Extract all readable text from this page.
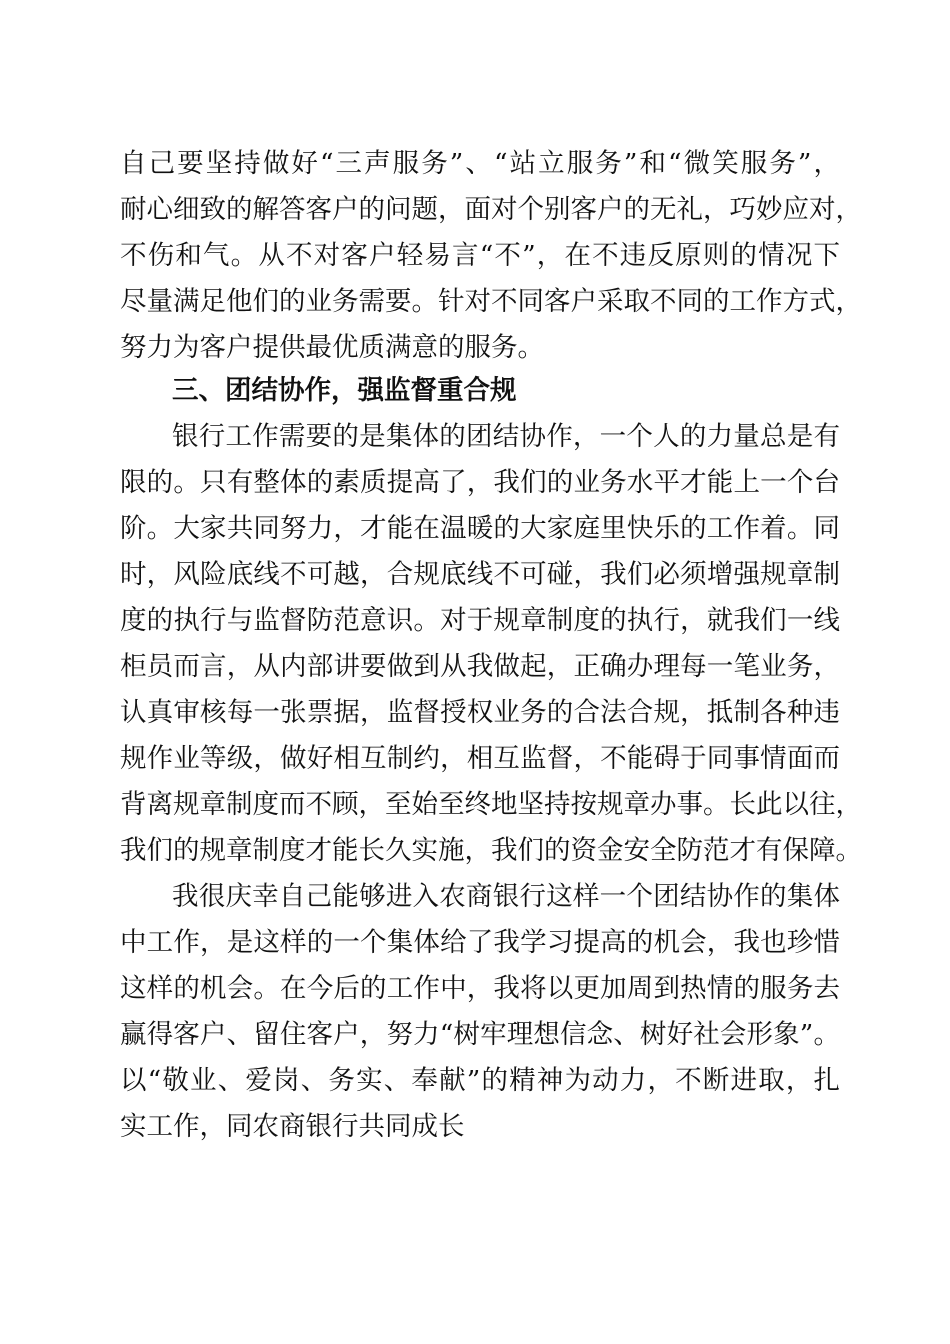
自己要坚持做好“三声服务”、“站立服务”和“微笑服务”，
耐心细致的解答客户的问题，面对个别客户的无礼，巧妙应对，
不伤和气。从不对客户轻易言“不”，在不违反原则的情况下
尽量满足他们的业务需要。针对不同客户采取不同的工作方式，
努力为客户提供最优质满意的服务。
三、团结协作，强监督重合规
银行工作需要的是集体的团结协作，一个人的力量总是有
限的。只有整体的素质提高了，我们的业务水平才能上一个台
阶。大家共同努力，才能在温暖的大家庭里快乐的工作着。同
时，风险底线不可越，合规底线不可碰，我们必须增强规章制
度的执行与监督防范意识。对于规章制度的执行，就我们一线
柜员而言，从内部讲要做到从我做起，正确办理每一笔业务，
认真审核每一张票据，监督授权业务的合法合规，抵制各种违
规作业等级，做好相互制约，相互监督，不能碍于同事情面而
背离规章制度而不顾，至始至终地坚持按规章办事。长此以往，
我们的规章制度才能长久实施，我们的资金安全防范才有保障。
我很庆幸自己能够进入农商银行这样一个团结协作的集体
中工作，是这样的一个集体给了我学习提高的机会，我也珍惜
这样的机会。在今后的工作中，我将以更加周到热情的服务去
赢得客户、留住客户，努力“树牢理想信念、树好社会形象”。
以“敬业、爱岗、务实、奉献”的精神为动力，不断进取，扎
实工作，同农商银行共同成长
